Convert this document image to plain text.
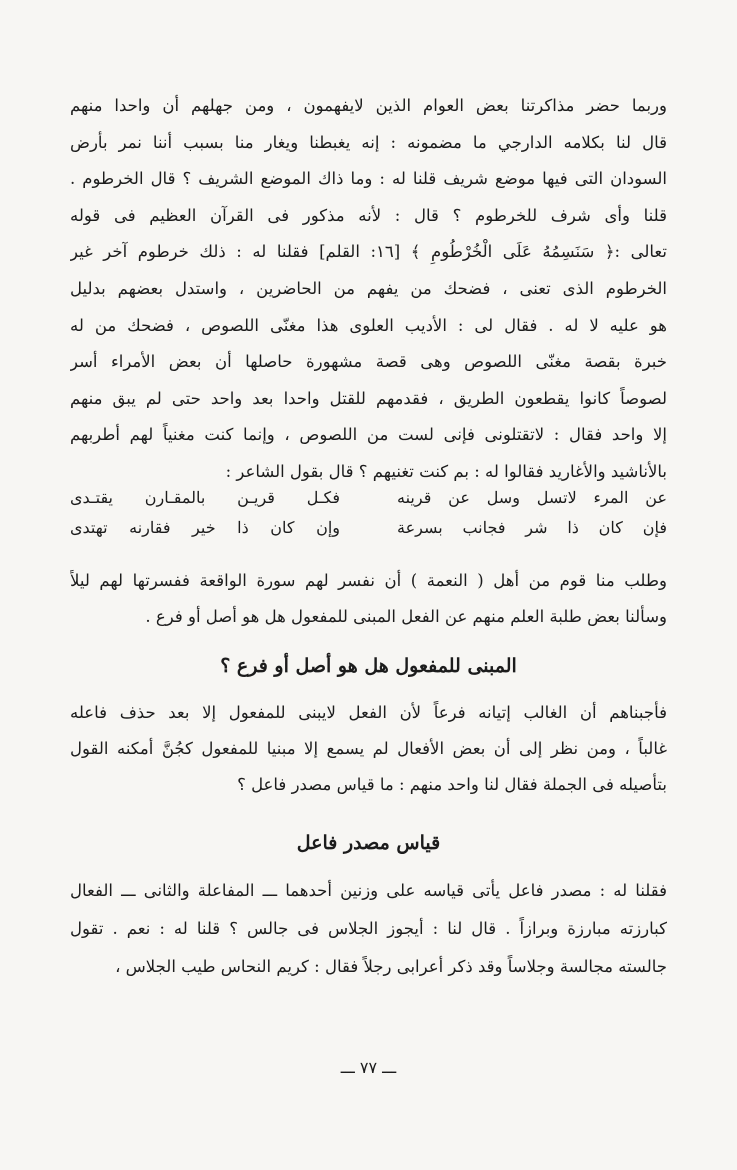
وربما حضر مذاكرتنا بعض العوام الذين لايفهمون ، ومن جهلهم أن واحدا منهم
قال لنا بكلامه الدارجي ما مضمونه : إنه يغبطنا ويغار منا بسبب أننا نمر بأرض
السودان التى فيها موضع شريف قلنا له : وما ذاك الموضع الشريف ؟ قال الخرطوم .
قلنا وأى شرف للخرطوم ؟ قال : لأنه مذكور فى القرآن العظيم فى قوله
تعالى :﴿ سَنَسِمُهُ عَلَى الْخُرْطُومِ ﴾ [١٦: القلم] فقلنا له : ذلك خرطوم آخر غير
الخرطوم الذى تعنى ، فضحك من يفهم من الحاضرين ، واستدل بعضهم بدليل
هو عليه لا له . فقال لى : الأديب العلوى هذا مغنّى اللصوص ، فضحك من له
خبرة بقصة مغنّى اللصوص وهى قصة مشهورة حاصلها أن بعض الأمراء أسر
لصوصاً كانوا يقطعون الطريق ، فقدمهم للقتل واحدا بعد واحد حتى لم يبق منهم
إلا واحد فقال : لاتقتلونى فإنى لست من اللصوص ، وإنما كنت مغنياً لهم أطربهم
بالأناشيد والأغاريد فقالوا له : بم كنت تغنيهم ؟ قال بقول الشاعر :
عن المرء لاتسل وسل عن قرينه
فكـل قريـن بالمقـارن يقتـدى
فإن كان ذا شر فجانب بسرعة
وإن كان ذا خير فقارنه تهتدى
وطلب منا قوم من أهل ( النعمة ) أن نفسر لهم سورة الواقعة ففسرتها لهم ليلاً
وسألنا بعض طلبة العلم منهم عن الفعل المبنى للمفعول هل هو أصل أو فرع .
المبنى للمفعول هل هو أصل أو فرع ؟
فأجبناهم أن الغالب إتيانه فرعاً لأن الفعل لايبنى للمفعول إلا بعد حذف فاعله
غالباً ، ومن نظر إلى أن بعض الأفعال لم يسمع إلا مبنيا للمفعول كجُنَّ أمكنه القول
بتأصيله فى الجملة فقال لنا واحد منهم : ما قياس مصدر فاعل ؟
قياس مصدر فاعل
فقلنا له : مصدر فاعل يأتى قياسه على وزنين أحدهما ـــ المفاعلة والثانى ـــ الفعال
كبارزته مبارزة وبرازاً . قال لنا : أيجوز الجلاس فى جالس ؟ قلنا له : نعم . تقول
جالسته مجالسة وجلاساً وقد ذكر أعرابى رجلاً فقال : كريم النحاس طيب الجلاس ،
ـــ ٧٧ ـــ
